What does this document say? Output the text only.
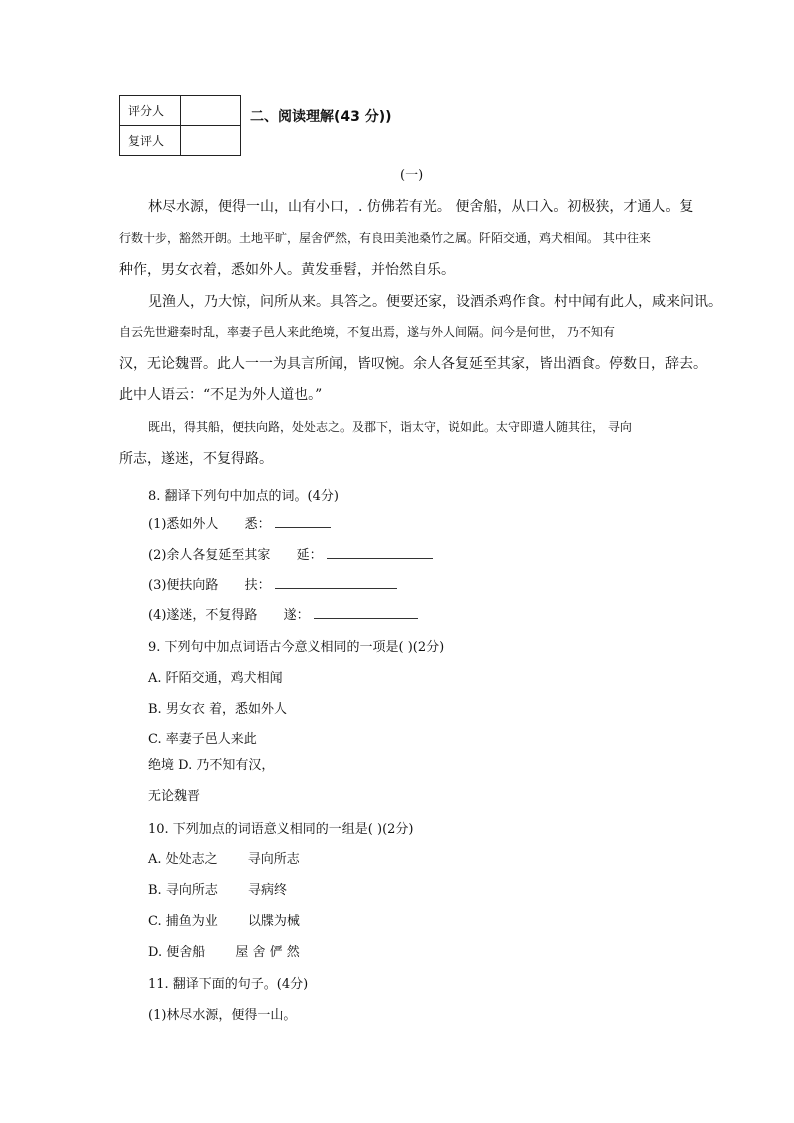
评分人	
复评人	
二、阅读理解(43 分))
(一)
林尽水源，便得一山，山有小口，. 仿佛若有光。 便舍船，从口入。初极狭，才通人。复
行数十步，豁然开朗。土地平旷，屋舍俨然，有良田美池桑竹之属。阡陌交通，鸡犬相闻。 其中往来
种作，男女衣着，悉如外人。黄发垂髫，并怡然自乐。
见渔人，乃大惊，问所从来。具答之。便要还家，设酒杀鸡作食。村中闻有此人，咸来问讯。
自云先世避秦时乱，率妻子邑人来此绝境，不复出焉，遂与外人间隔。问今是何世， 乃不知有
汉，无论魏晋。此人一一为具言所闻，皆叹惋。余人各复延至其家，皆出酒食。停数日，辞去。
此中人语云：“不足为外人道也。”
既出，得其船，便扶向路，处处志之。及郡下，诣太守，说如此。太守即遣人随其往， 寻向
所志，遂迷，不复得路。
8. 翻译下列句中加点的词。(4分)
(1)悉如外人 悉：
(2)余人各复延至其家 延：
(3)便扶向路 扶：
(4)遂迷，不复得路 遂：
9. 下列句中加点词语古今意义相同的一项是( )(2分)
A. 阡陌交通，鸡犬相闻
B. 男女衣 着，悉如外人
C. 率妻子邑人来此
绝境 D. 乃不知有汉，
无论魏晋
10. 下列加点的词语意义相同的一组是( )(2分)
A. 处处志之 寻向所志
B. 寻向所志 寻病终
C. 捕鱼为业 以牒为械
D. 便舍船 屋 舍 俨 然
11. 翻译下面的句子。(4分)
(1)林尽水源，便得一山。
